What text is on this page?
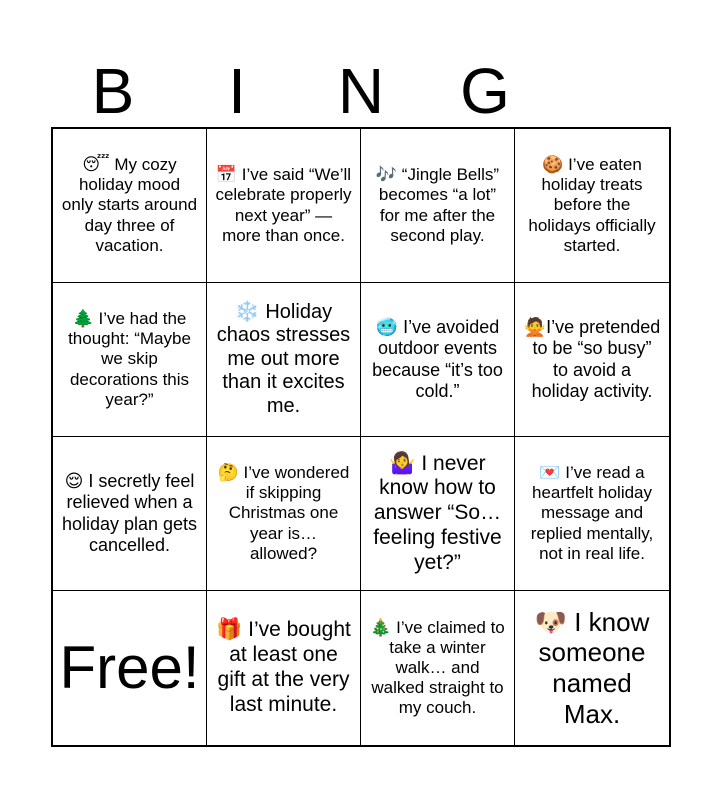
B	I	N	G
😴 My cozy holiday mood only starts around day three of vacation.
📅 I’ve said “We’ll celebrate properly next year” — more than once.
🎶 “Jingle Bells” becomes “a lot” for me after the second play.
🍪 I’ve eaten holiday treats before the holidays officially started.
🌲 I’ve had the thought: “Maybe we skip decorations this year?”
❄️ Holiday chaos stresses me out more than it excites me.
🥶 I’ve avoided outdoor events because “it’s too cold.”
🙅I’ve pretended to be “so busy” to avoid a holiday activity.
😌 I secretly feel relieved when a holiday plan gets cancelled.
🤔 I’ve wondered if skipping Christmas one year is… allowed?
🤷‍♀️ I never know how to answer “So… feeling festive yet?”
💌 I’ve read a heartfelt holiday message and replied mentally, not in real life.
Free!
🎁 I’ve bought at least one gift at the very last minute.
🎄 I’ve claimed to take a winter walk… and walked straight to my couch.
🐶 I know someone named Max.
